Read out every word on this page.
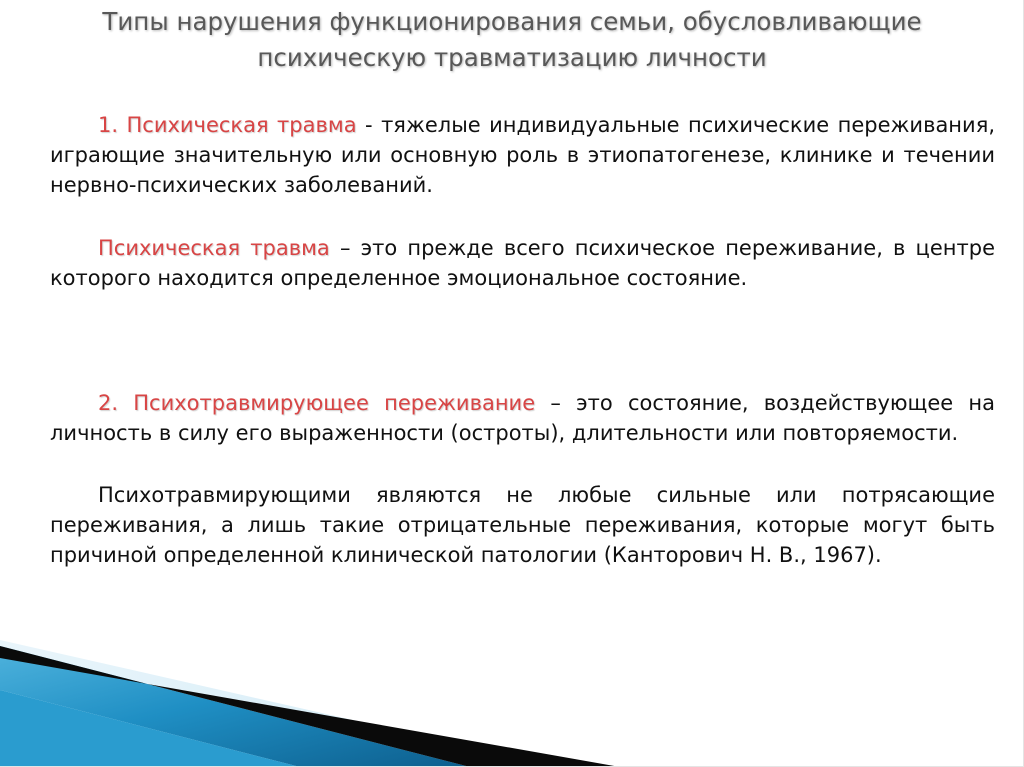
Типы нарушения функционирования семьи, обусловливающие психическую травматизацию личности

1. Психическая травма - тяжелые индивидуальные психические переживания, играющие значительную или основную роль в этиопатогенезе, клинике и течении нервно-психических заболеваний.

Психическая травма – это прежде всего психическое переживание, в центре которого находится определенное эмоциональное состояние.

2. Психотравмирующее переживание – это состояние, воздействующее на личность в силу его выраженности (остроты), длительности или повторяемости.

Психотравмирующими являются не любые сильные или потрясающие переживания, а лишь такие отрицательные переживания, которые могут быть причиной определенной клинической патологии (Канторович Н. В., 1967).
